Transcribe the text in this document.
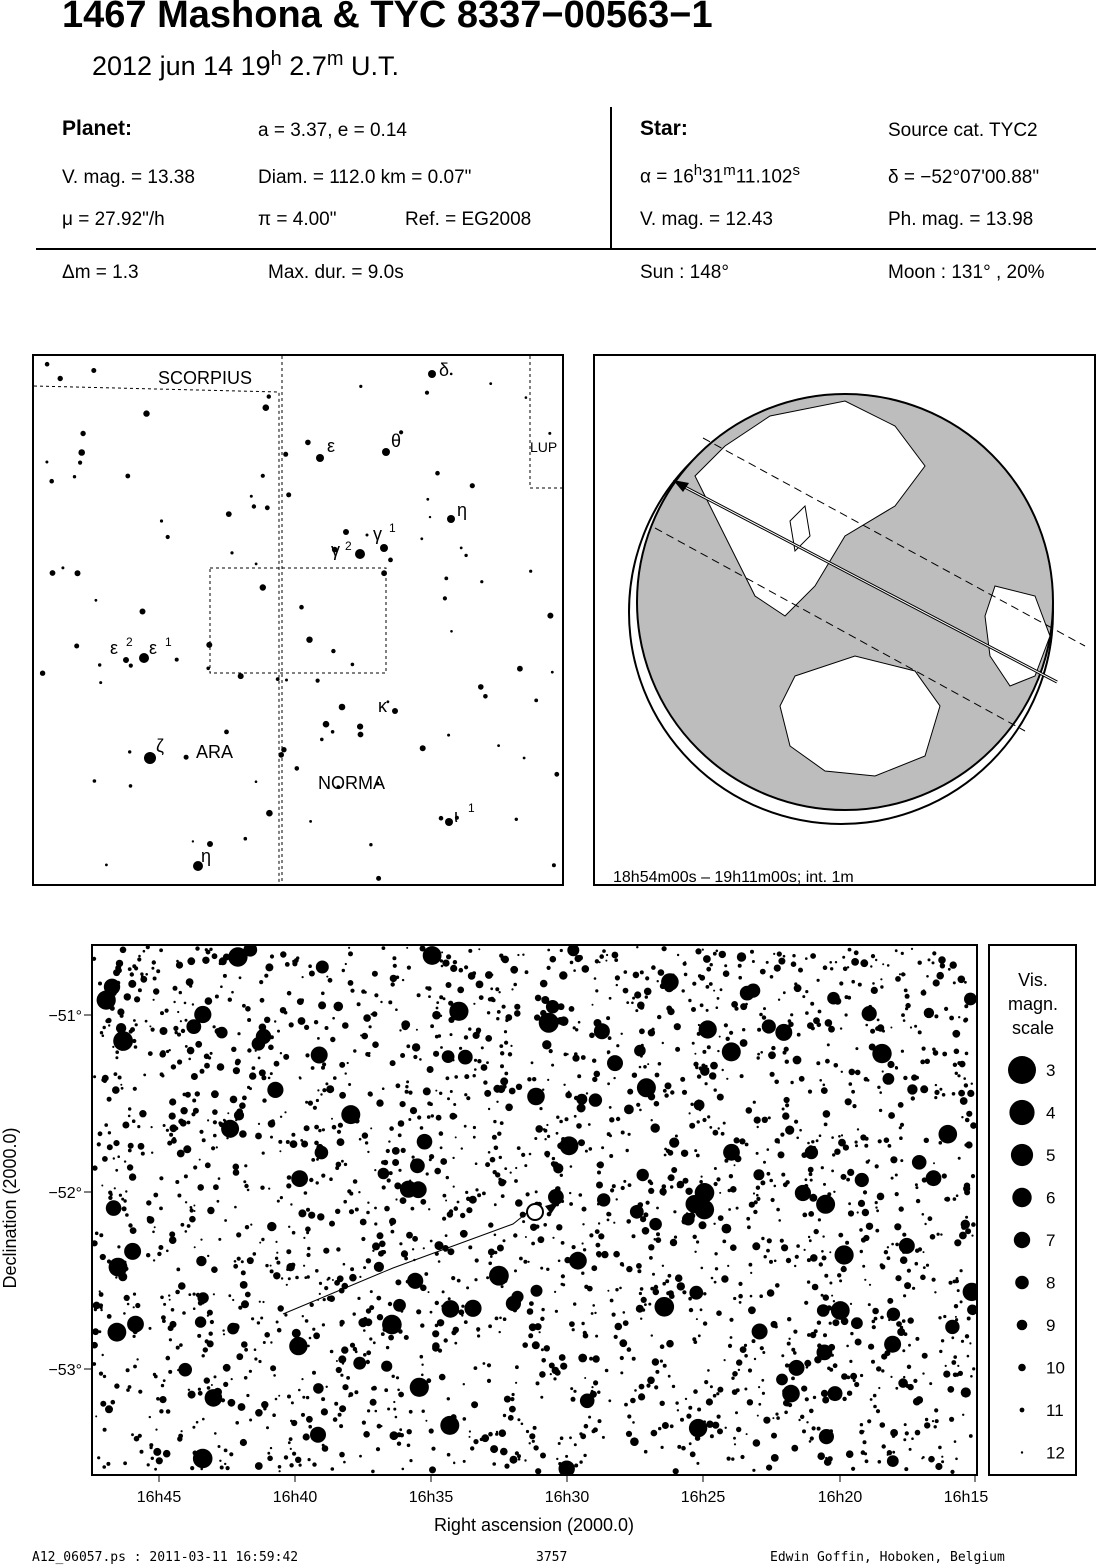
1467 Mashona & TYC 8337−00563−1
2012 jun 14 19$^h$ 2.7$^m$ U.T.
Planet:	a = 3.37, e = 0.14
V. mag. = 13.38	Diam. = 112.0 km = 0.07"
μ = 27.92"/h	π = 4.00"	Ref. = EG2008
Star:	Source cat. TYC2
$\alpha = 16^h31^m11.102^s$	δ = −52°07'00.88"
V. mag. = 12.43	Ph. mag. = 13.98
Δm = 1.3	Max. dur. = 9.0s	Sun : 148°	Moon : 131° , 20%
SCORPIUS
LUP
ARA
NORMA
δ
ε	θ
η
γ 1
γ 2
ε 2 ε 1
κ
ζ
ι 1
η
18h54m00s – 19h11m00s; int. 1m
−51°
−52°
−53°
16h45	16h40	16h35	16h30	16h25	16h20	16h15
Right ascension (2000.0)
Declination (2000.0)
Vis.
magn.
scale
3
4
5
6
7
8
9
10
11
12
A12_06057.ps : 2011-03-11 16:59:42	3757	Edwin Goffin, Hoboken, Belgium
